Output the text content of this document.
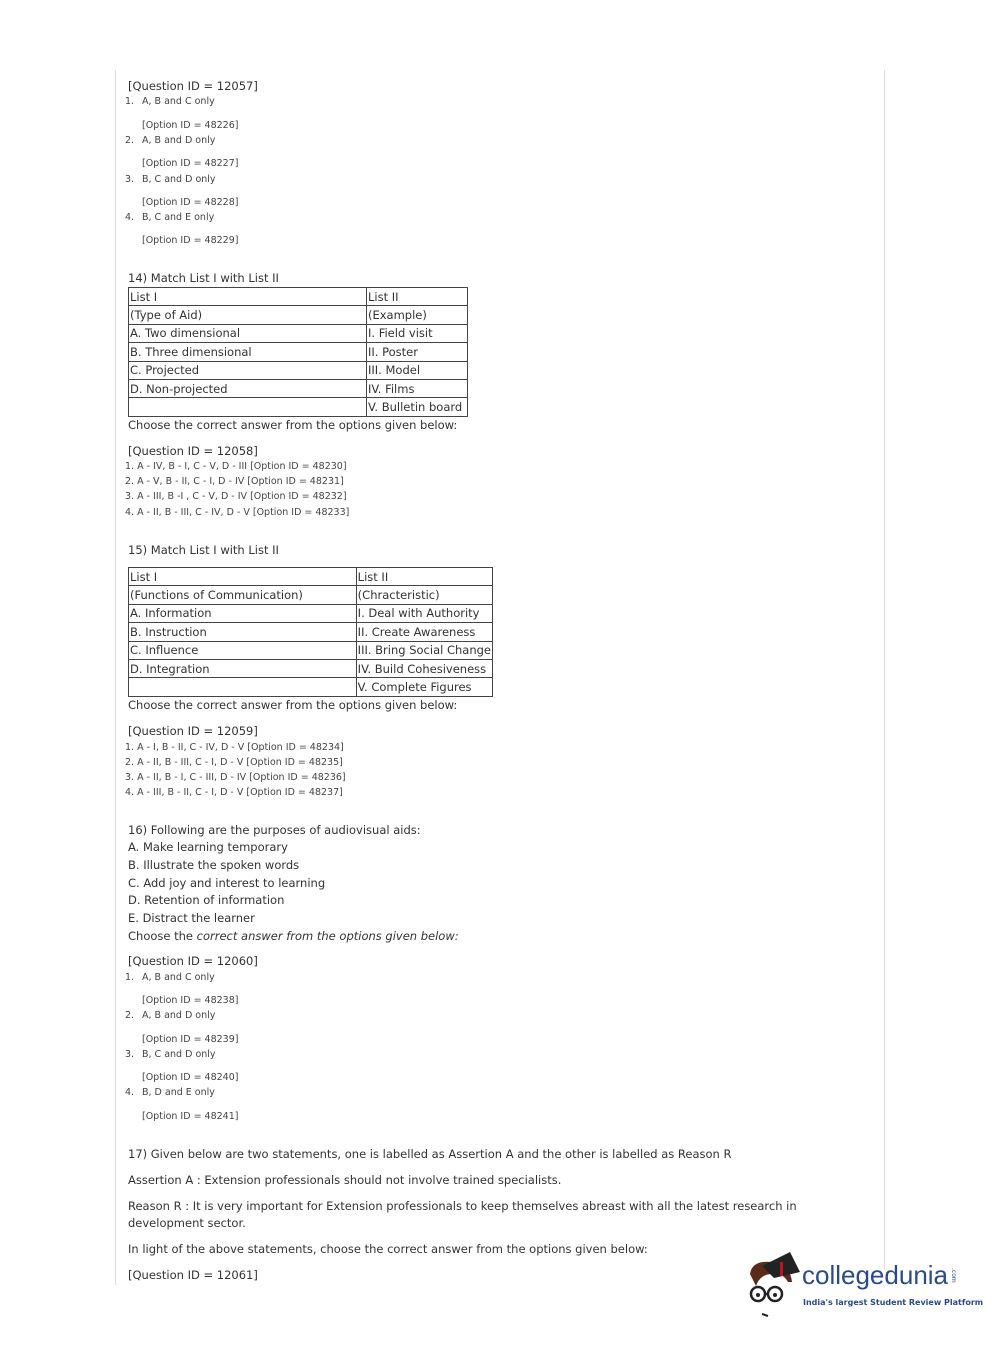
[Question ID = 12057]
1. A, B and C only
[Option ID = 48226]
2. A, B and D only
[Option ID = 48227]
3. B, C and D only
[Option ID = 48228]
4. B, C and E only
[Option ID = 48229]
14) Match List I with List II
List I	List II
(Type of Aid)	(Example)
A. Two dimensional	I. Field visit
B. Three dimensional	II. Poster
C. Projected	III. Model
D. Non-projected	IV. Films
	V. Bulletin board
Choose the correct answer from the options given below:
[Question ID = 12058]
1. A - IV, B - I, C - V, D - III [Option ID = 48230]
2. A - V, B - II, C - I, D - IV [Option ID = 48231]
3. A - III, B -I , C - V, D - IV [Option ID = 48232]
4. A - II, B - III, C - IV, D - V [Option ID = 48233]
15) Match List I with List II
List I	List II
(Functions of Communication)	(Chracteristic)
A. Information	I. Deal with Authority
B. Instruction	II. Create Awareness
C. Influence	III. Bring Social Change
D. Integration	IV. Build Cohesiveness
	V. Complete Figures
Choose the correct answer from the options given below:
[Question ID = 12059]
1. A - I, B - II, C - IV, D - V [Option ID = 48234]
2. A - II, B - III, C - I, D - V [Option ID = 48235]
3. A - II, B - I, C - III, D - IV [Option ID = 48236]
4. A - III, B - II, C - I, D - V [Option ID = 48237]
16) Following are the purposes of audiovisual aids:
A. Make learning temporary
B. Illustrate the spoken words
C. Add joy and interest to learning
D. Retention of information
E. Distract the learner
Choose the correct answer from the options given below:
[Question ID = 12060]
1. A, B and C only
[Option ID = 48238]
2. A, B and D only
[Option ID = 48239]
3. B, C and D only
[Option ID = 48240]
4. B, D and E only
[Option ID = 48241]
17) Given below are two statements, one is labelled as Assertion A and the other is labelled as Reason R
Assertion A : Extension professionals should not involve trained specialists.
Reason R : It is very important for Extension professionals to keep themselves abreast with all the latest research in
development sector.
In light of the above statements, choose the correct answer from the options given below:
[Question ID = 12061]	collegedunia .com
India's largest Student Review Platform
